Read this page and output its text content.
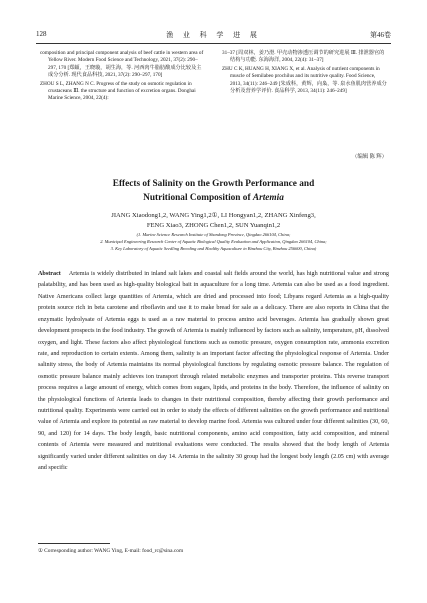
128	渔 业 科 学 进 展	第46卷

composition and principal component analysis of beef cattle in western area of Yellow River. Modern Food Science and Technology, 2021, 37(2): 290–297, 170 [郑頔，王晓璇，胡生海，等. 河西肉牛脂肪酸成分比较及主成分分析. 现代食品科技, 2021, 37(2): 290–297, 170]

ZHOU S L, ZHANG N C. Progress of the study on osmotic regulation in crustaceans Ⅲ. the structure and function of excretion organs. Donghai Marine Science, 2004, 22(4):

31–37 [周双林，姜乃澄. 甲壳动物渗透压调节的研究进展 Ⅲ. 排泄器官的结构与功能. 东海海洋, 2004, 22(4): 31–37]

ZHU C K, HUANG H, XIANG X, et al. Analysis of nutrient components in muscle of Semilabeo prochilus and its nutritive quality. Food Science, 2013, 34(11): 246–249 [朱成科，黄辉，向枭，等. 泉水鱼肌肉营养成分分析及营养学评价. 食品科学, 2013, 34(11): 246–249]

（编辑 陈 辉）
Effects of Salinity on the Growth Performance and
Nutritional Composition of Artemia
JIANG Xiaodong1,2, WANG Ying1,2①, LI Hongyan1,2, ZHANG Xinfeng3,
FENG Xiao3, ZHONG Chen1,2, SUN Yuanqin1,2
(1. Marine Science Research Institute of Shandong Province, Qingdao 266104, China;
2. Municipal Engineering Research Center of Aquatic Biological Quality Evaluation and Application, Qingdao 266104, China;
3. Key Laboratory of Aquatic Seedling Breeding and Healthy Aquaculture in Binzhou City, Binzhou 256600, China)
Abstract Artemia is widely distributed in inland salt lakes and coastal salt fields around the world, has high nutritional value and strong palatability, and has been used as high-quality biological bait in aquaculture for a long time. Artemia can also be used as a food ingredient. Native Americans collect large quantities of Artemia, which are dried and processed into food; Libyans regard Artemia as a high-quality protein source rich in beta carotene and riboflavin and use it to make bread for sale as a delicacy. There are also reports in China that the enzymatic hydrolysate of Artemia eggs is used as a raw material to process amino acid beverages. Artemia has gradually shown great development prospects in the food industry. The growth of Artemia is mainly influenced by factors such as salinity, temperature, pH, dissolved oxygen, and light. These factors also affect physiological functions such as osmotic pressure, oxygen consumption rate, ammonia excretion rate, and reproduction to certain extents. Among them, salinity is an important factor affecting the physiological response of Artemia. Under salinity stress, the body of Artemia maintains its normal physiological functions by regulating osmotic pressure balance. The regulation of osmotic pressure balance mainly achieves ion transport through related metabolic enzymes and transporter proteins. This reverse transport process requires a large amount of energy, which comes from sugars, lipids, and proteins in the body. Therefore, the influence of salinity on the physiological functions of Artemia leads to changes in their nutritional composition, thereby affecting their growth performance and nutritional quality. Experiments were carried out in order to study the effects of different salinities on the growth performance and nutritional value of Artemia and explore its potential as raw material to develop marine food. Artemia was cultured under four different salinities (30, 60, 90, and 120) for 14 days. The body length, basic nutritional components, amino acid composition, fatty acid composition, and mineral contents of Artemia were measured and nutritional evaluations were conducted. The results showed that the body length of Artemia significantly varied under different salinities on day 14. Artemia in the salinity 30 group had the longest body length (2.05 cm) with average and specific
① Corresponding author: WANG Ying, E-mail: food_rc@sina.com
